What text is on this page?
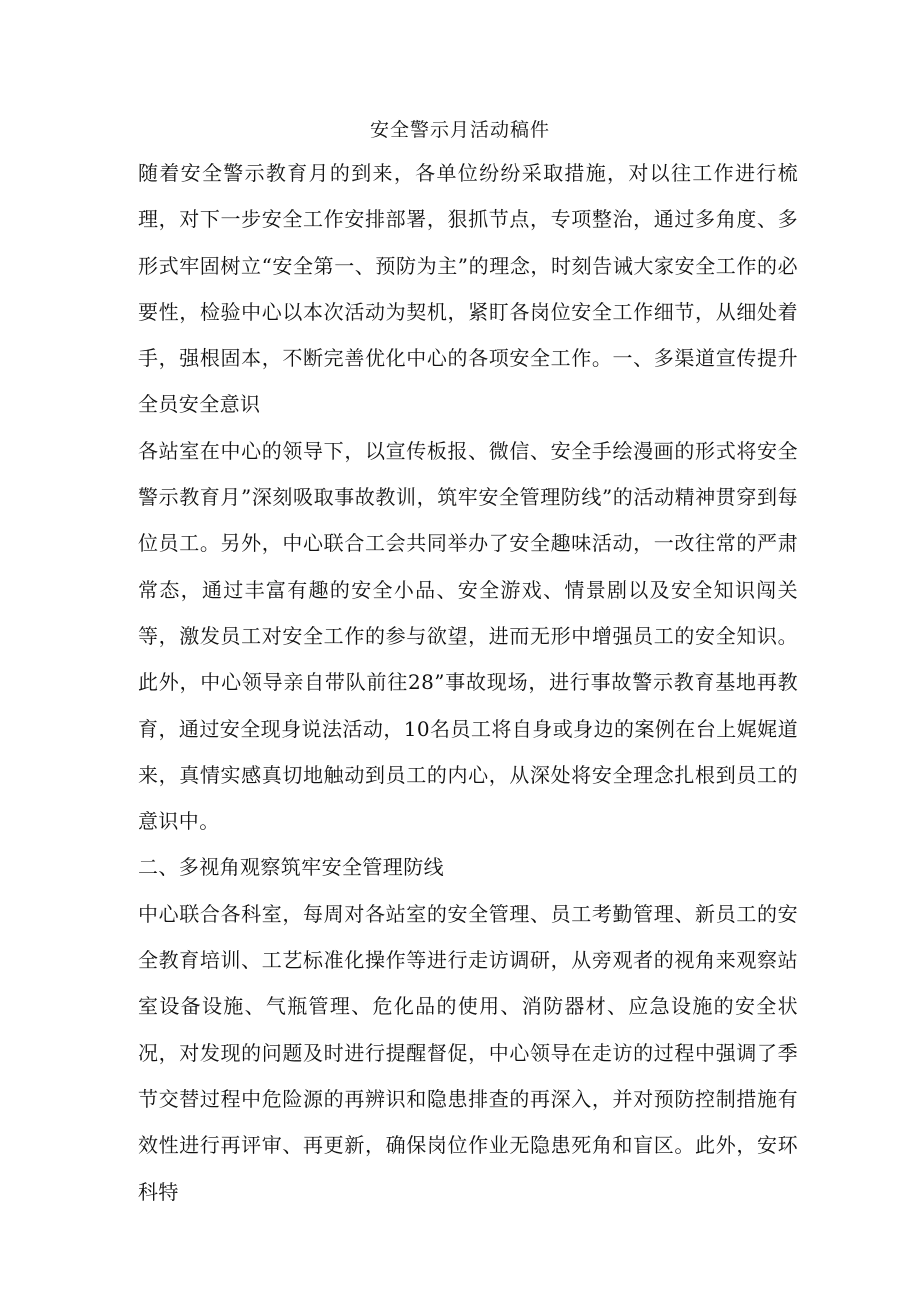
安全警示月活动稿件

随着安全警示教育月的到来，各单位纷纷采取措施，对以往工作进行梳理，对下一步安全工作安排部署，狠抓节点，专项整治，通过多角度、多形式牢固树立“安全第一、预防为主”的理念，时刻告诫大家安全工作的必要性，检验中心以本次活动为契机，紧盯各岗位安全工作细节，从细处着手，强根固本，不断完善优化中心的各项安全工作。一、多渠道宣传提升全员安全意识

各站室在中心的领导下，以宣传板报、微信、安全手绘漫画的形式将安全警示教育月”深刻吸取事故教训，筑牢安全管理防线”的活动精神贯穿到每位员工。另外，中心联合工会共同举办了安全趣味活动，一改往常的严肃常态，通过丰富有趣的安全小品、安全游戏、情景剧以及安全知识闯关等，激发员工对安全工作的参与欲望，进而无形中增强员工的安全知识。此外，中心领导亲自带队前往28”事故现场，进行事故警示教育基地再教育，通过安全现身说法活动，10名员工将自身或身边的案例在台上娓娓道来，真情实感真切地触动到员工的内心，从深处将安全理念扎根到员工的意识中。

二、多视角观察筑牢安全管理防线

中心联合各科室，每周对各站室的安全管理、员工考勤管理、新员工的安全教育培训、工艺标准化操作等进行走访调研，从旁观者的视角来观察站室设备设施、气瓶管理、危化品的使用、消防器材、应急设施的安全状况，对发现的问题及时进行提醒督促，中心领导在走访的过程中强调了季节交替过程中危险源的再辨识和隐患排查的再深入，并对预防控制措施有效性进行再评审、再更新，确保岗位作业无隐患死角和盲区。此外，安环科特
